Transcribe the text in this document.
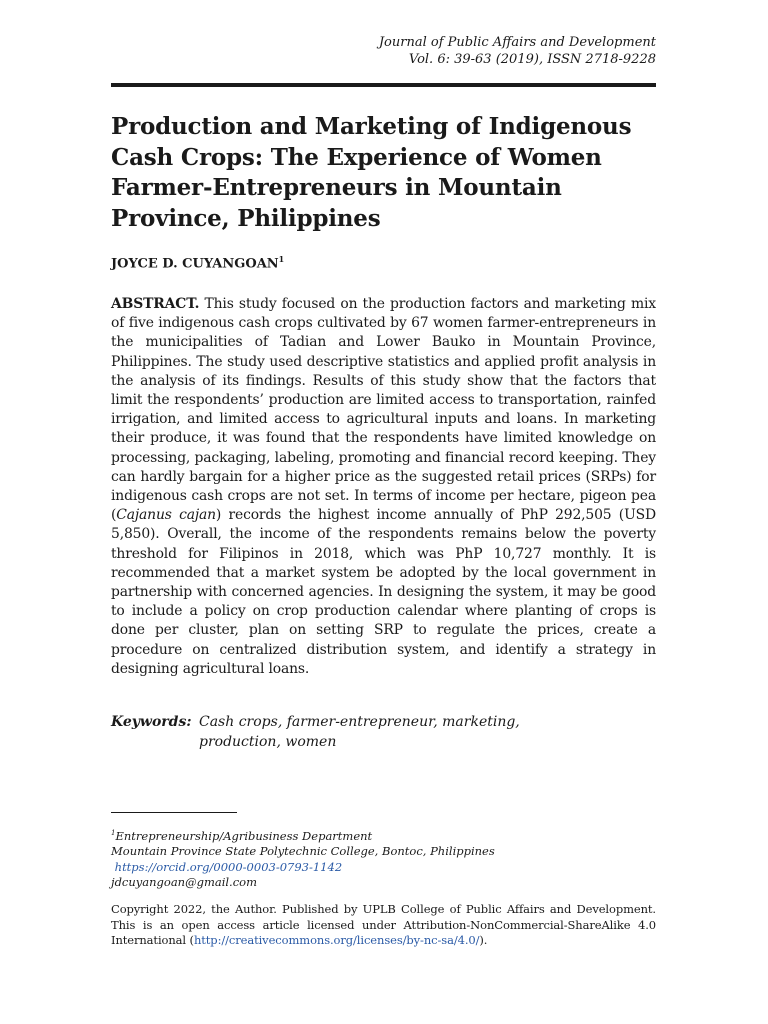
Journal of Public Affairs and Development
Vol. 6: 39-63 (2019), ISSN 2718-9228
Production and Marketing of Indigenous Cash Crops: The Experience of Women Farmer-Entrepreneurs in Mountain Province, Philippines

JOYCE D. CUYANGOAN$^1$

ABSTRACT. This study focused on the production factors and marketing mix of five indigenous cash crops cultivated by 67 women farmer-entrepreneurs in the municipalities of Tadian and Lower Bauko in Mountain Province, Philippines. The study used descriptive statistics and applied profit analysis in the analysis of its findings. Results of this study show that the factors that limit the respondents’ production are limited access to transportation, rainfed irrigation, and limited access to agricultural inputs and loans. In marketing their produce, it was found that the respondents have limited knowledge on processing, packaging, labeling, promoting and financial record keeping. They can hardly bargain for a higher price as the suggested retail prices (SRPs) for indigenous cash crops are not set. In terms of income per hectare, pigeon pea (Cajanus cajan) records the highest income annually of PhP 292,505 (USD 5,850). Overall, the income of the respondents remains below the poverty threshold for Filipinos in 2018, which was PhP 10,727 monthly. It is recommended that a market system be adopted by the local government in partnership with concerned agencies. In designing the system, it may be good to include a policy on crop production calendar where planting of crops is done per cluster, plan on setting SRP to regulate the prices, create a procedure on centralized distribution system, and identify a strategy in designing agricultural loans.

Keywords: Cash crops, farmer-entrepreneur, marketing,
production, women
$^1$Entrepreneurship/Agribusiness Department
Mountain Province State Polytechnic College, Bontoc, Philippines
https://orcid.org/0000-0003-0793-1142
jdcuyangoan@gmail.com

Copyright 2022, the Author. Published by UPLB College of Public Affairs and Development. This is an open access article licensed under Attribution-NonCommercial-ShareAlike 4.0 International (http://creativecommons.org/licenses/by-nc-sa/4.0/).
